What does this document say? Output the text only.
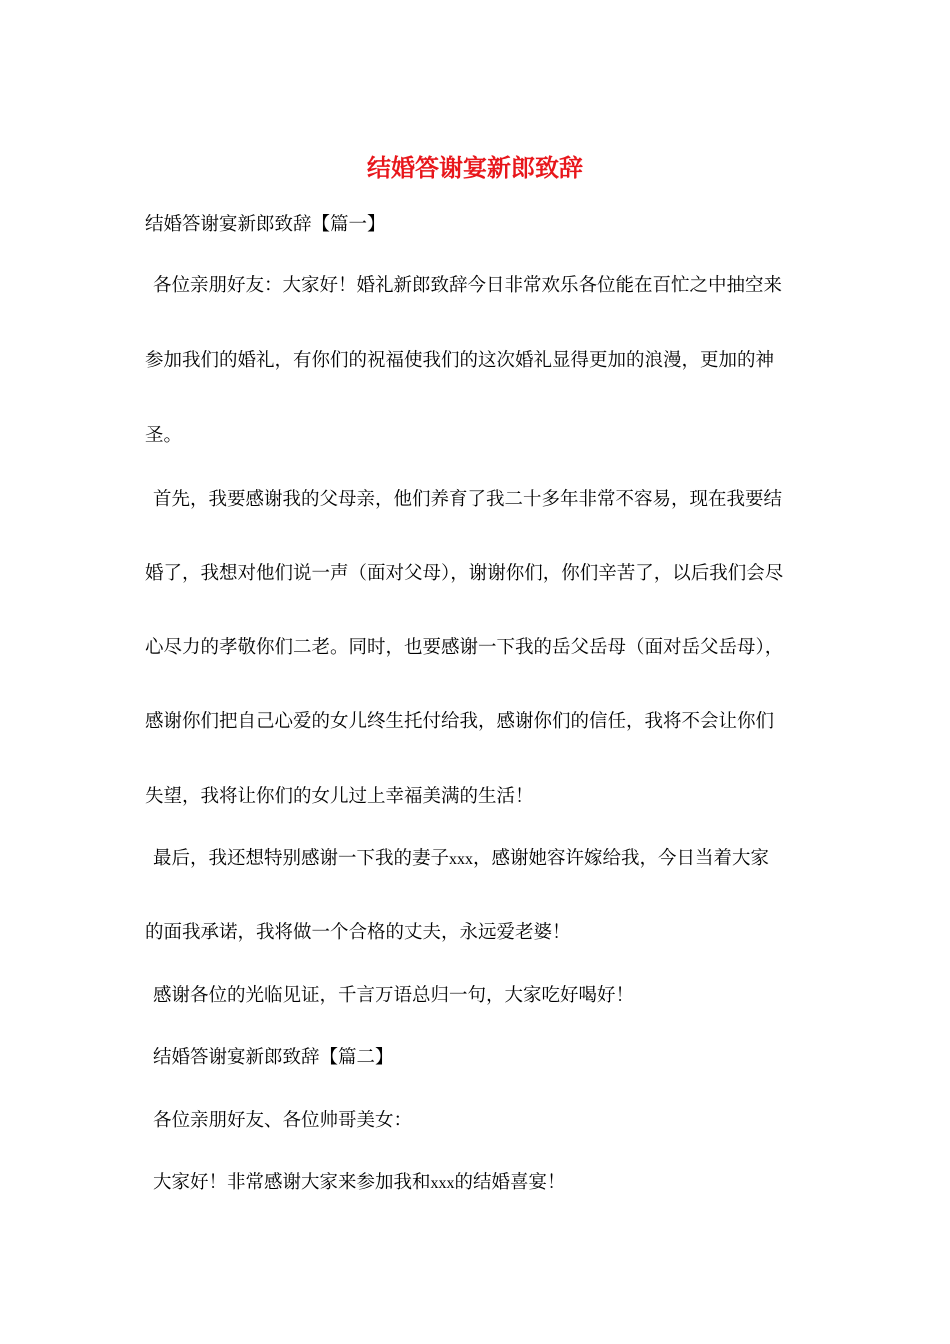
结婚答谢宴新郎致辞

结婚答谢宴新郎致辞【篇一】

各位亲朋好友：大家好！婚礼新郎致辞今日非常欢乐各位能在百忙之中抽空来

参加我们的婚礼，有你们的祝福使我们的这次婚礼显得更加的浪漫，更加的神

圣。

首先，我要感谢我的父母亲，他们养育了我二十多年非常不容易，现在我要结

婚了，我想对他们说一声（面对父母），谢谢你们，你们辛苦了，以后我们会尽

心尽力的孝敬你们二老。同时，也要感谢一下我的岳父岳母（面对岳父岳母），

感谢你们把自己心爱的女儿终生托付给我，感谢你们的信任，我将不会让你们

失望，我将让你们的女儿过上幸福美满的生活！

最后，我还想特别感谢一下我的妻子xxx，感谢她容许嫁给我，今日当着大家

的面我承诺，我将做一个合格的丈夫，永远爱老婆！

感谢各位的光临见证，千言万语总归一句，大家吃好喝好！

结婚答谢宴新郎致辞【篇二】

各位亲朋好友、各位帅哥美女：

大家好！非常感谢大家来参加我和xxx的结婚喜宴！
